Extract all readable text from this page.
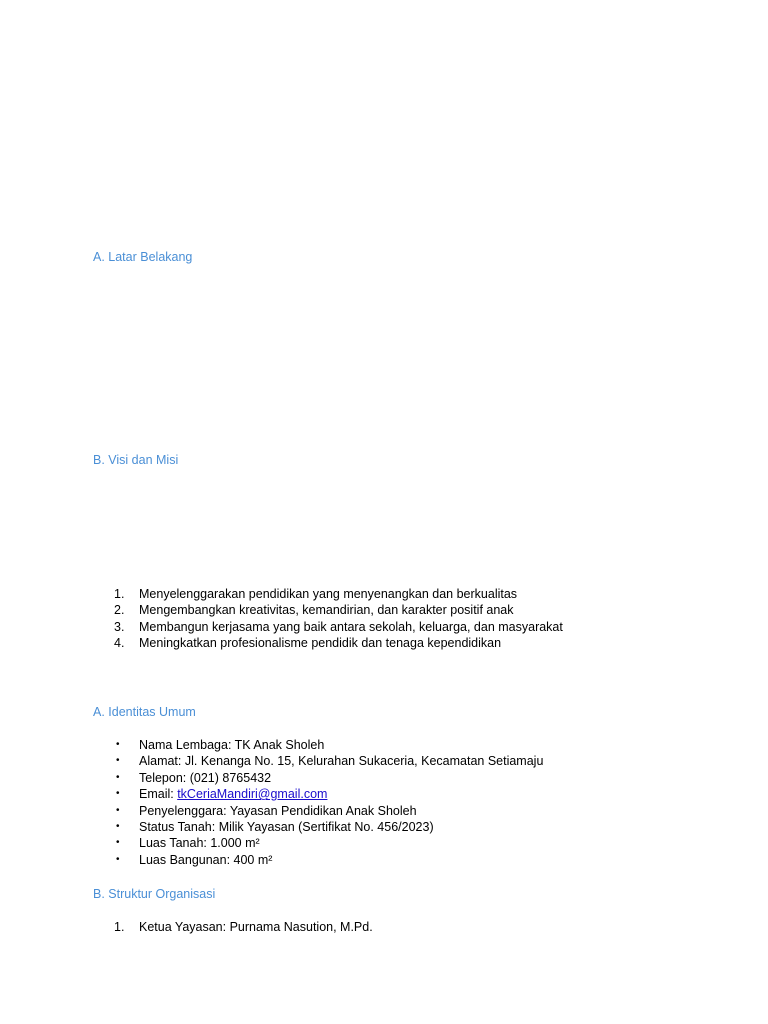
A. Latar Belakang
B. Visi dan Misi
1.	Menyelenggarakan pendidikan yang menyenangkan dan berkualitas
2.	Mengembangkan kreativitas, kemandirian, dan karakter positif anak
3.	Membangun kerjasama yang baik antara sekolah, keluarga, dan masyarakat
4.	Meningkatkan profesionalisme pendidik dan tenaga kependidikan
A. Identitas Umum
•	Nama Lembaga: TK Anak Sholeh
•	Alamat: Jl. Kenanga No. 15, Kelurahan Sukaceria, Kecamatan Setiamaju
•	Telepon: (021) 8765432
•	Email: tkCeriaMandiri@gmail.com
•	Penyelenggara: Yayasan Pendidikan Anak Sholeh
•	Status Tanah: Milik Yayasan (Sertifikat No. 456/2023)
•	Luas Tanah: 1.000 m²
•	Luas Bangunan: 400 m²
B. Struktur Organisasi
1.	Ketua Yayasan: Purnama Nasution, M.Pd.
